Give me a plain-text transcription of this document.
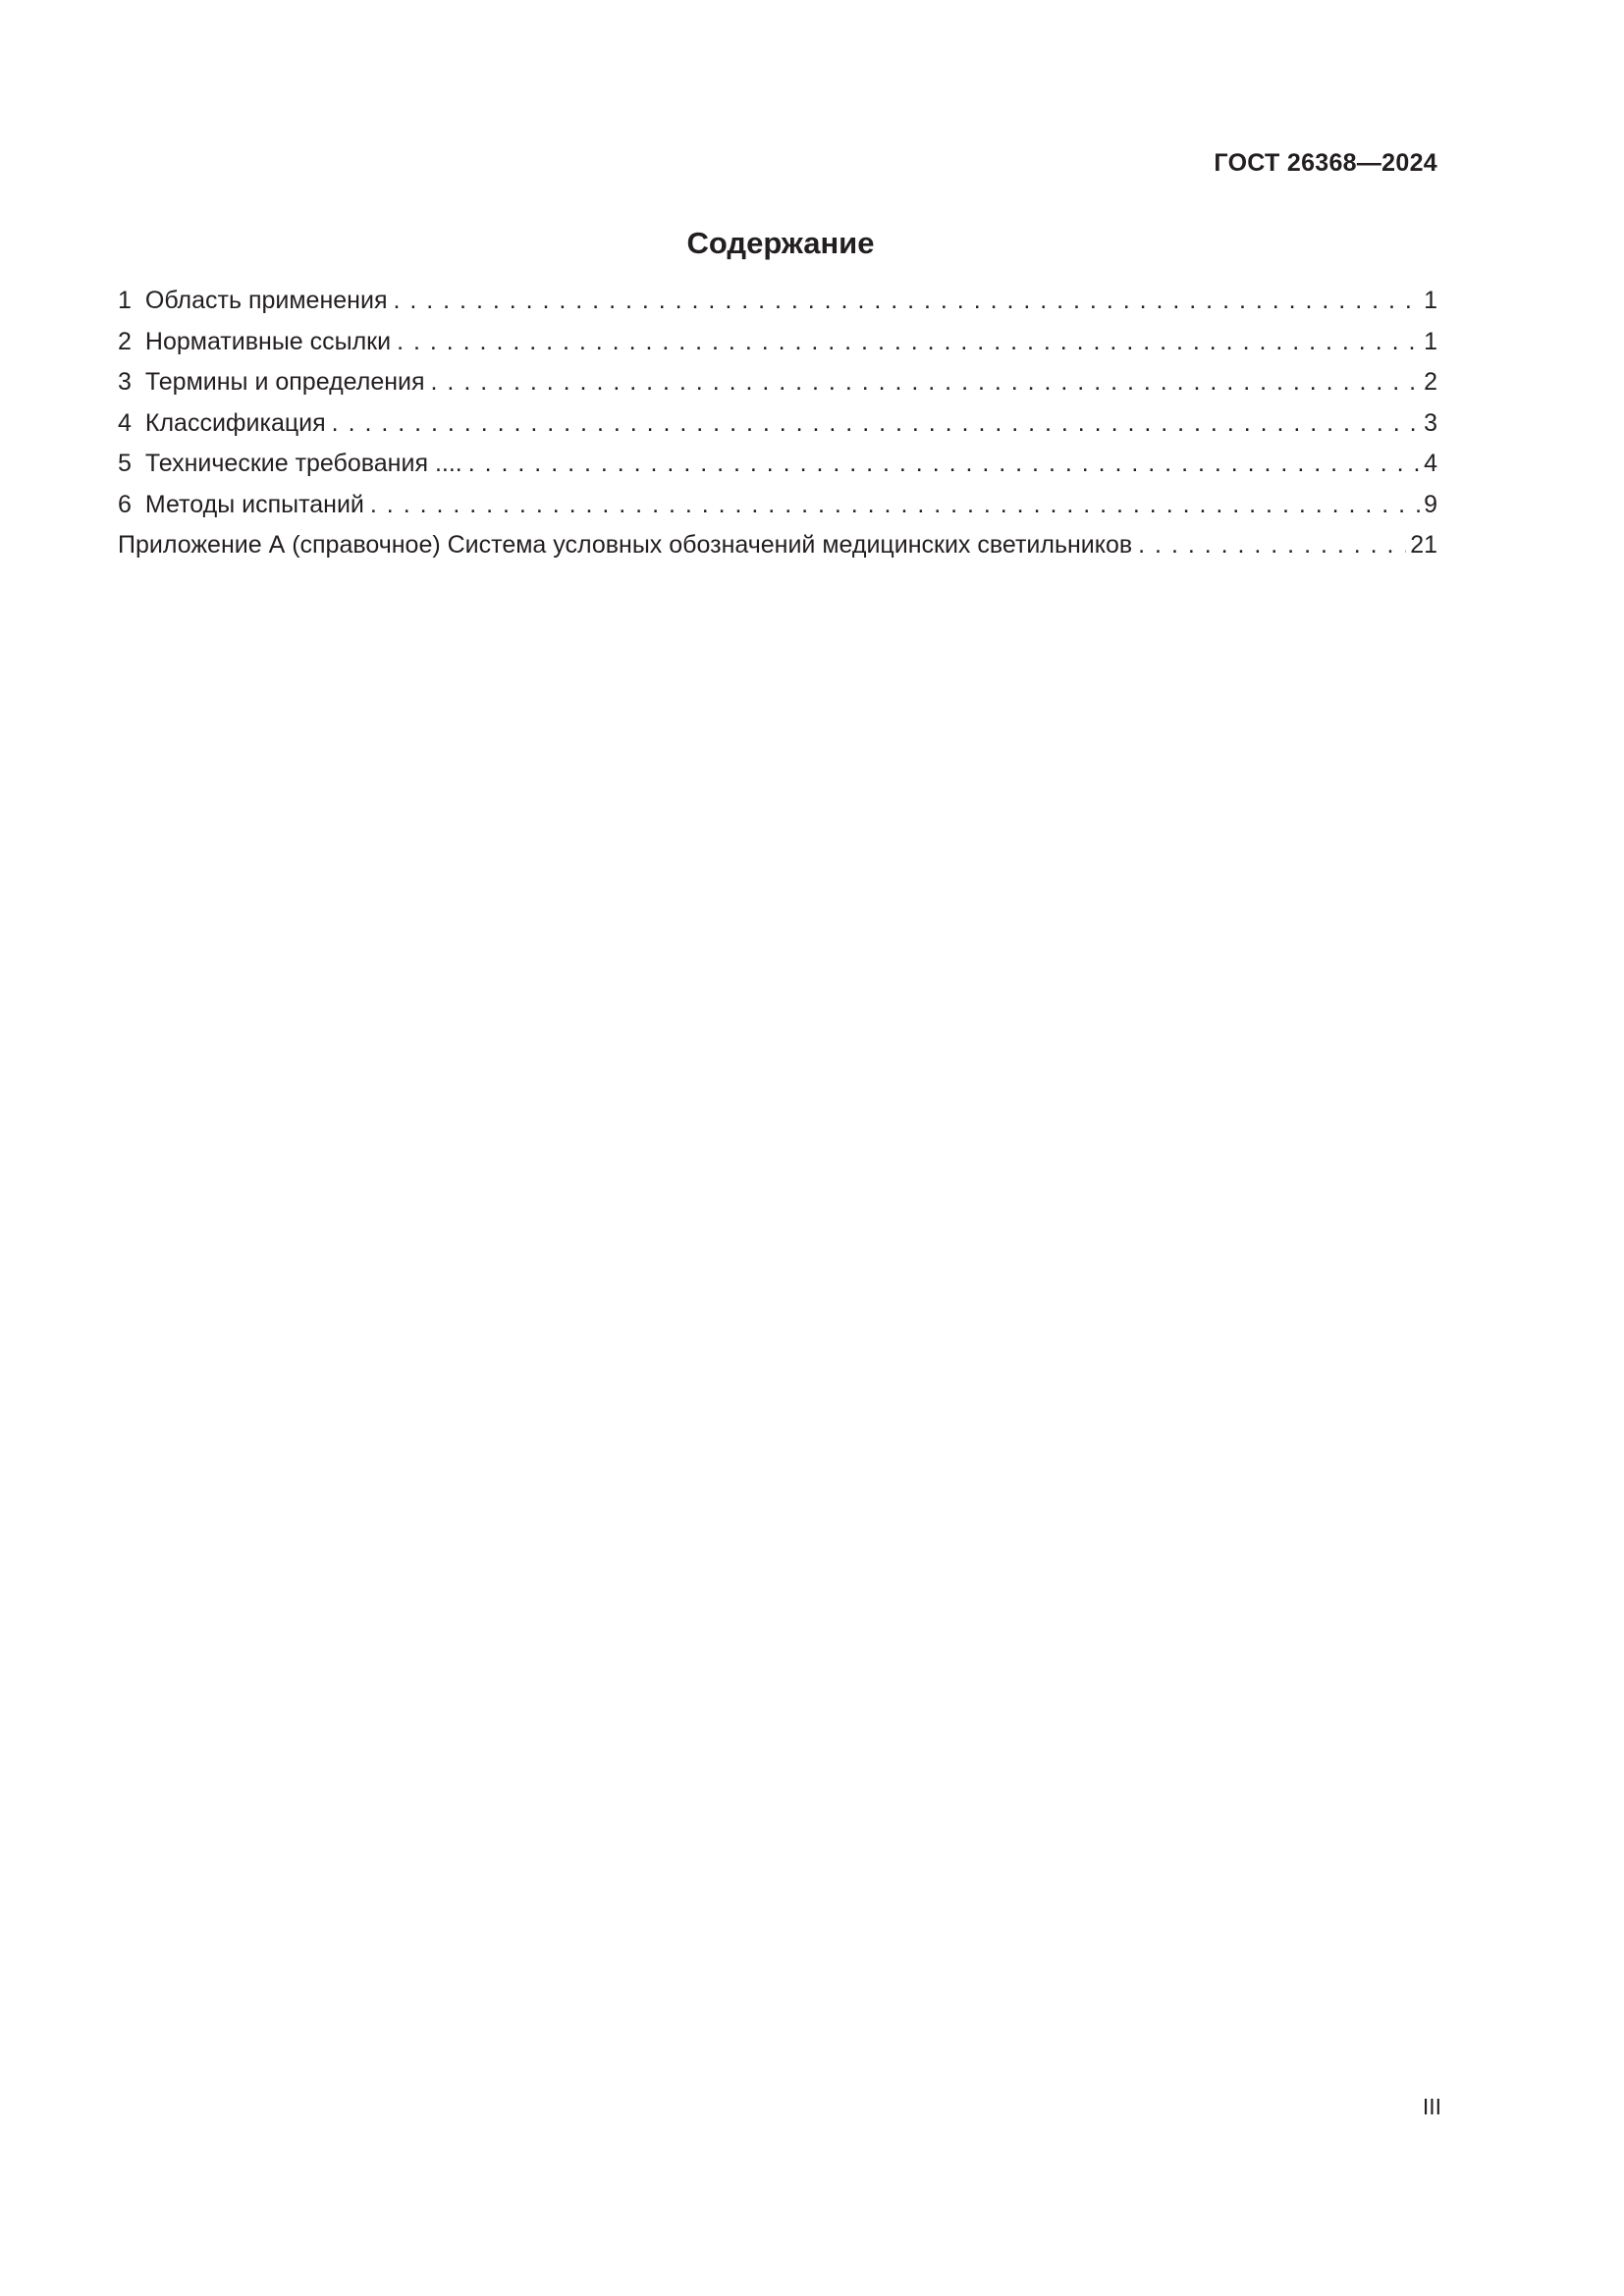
ГОСТ 26368—2024
Содержание
1 Область применения . . .	1
2 Нормативные ссылки . . .	1
3 Термины и определения . . .	2
4 Классификация . . .	3
5 Технические требования .... . . .	4
6 Методы испытаний . . .	9
Приложение А (справочное) Система условных обозначений медицинских светильников . . .	21
III
